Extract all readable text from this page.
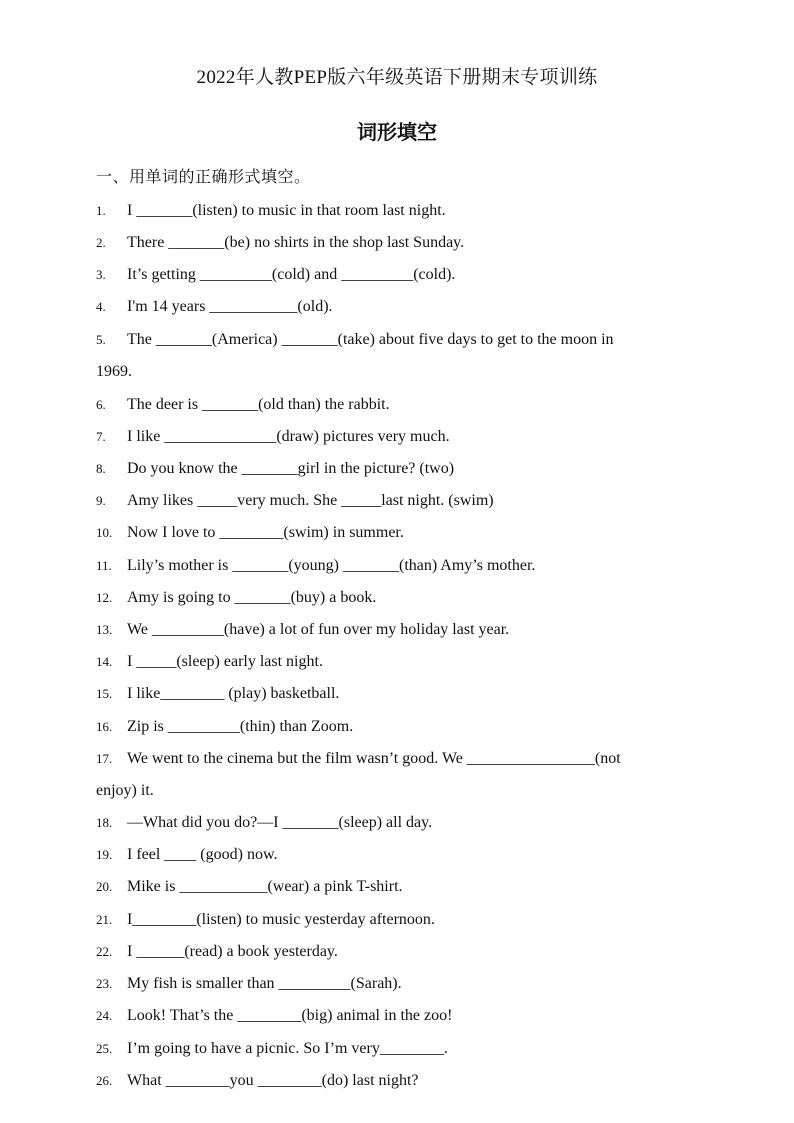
2022年人教PEP版六年级英语下册期末专项训练
词形填空
一、用单词的正确形式填空。
1. I _______(listen) to music in that room last night.
2. There _______(be) no shirts in the shop last Sunday.
3. It’s getting _________(cold) and _________(cold).
4. I'm 14 years ___________(old).
5. The _______(America) _______(take) about five days to get to the moon in
1969.
6. The deer is _______(old than) the rabbit.
7. I like ______________(draw) pictures very much.
8. Do you know the _______girl in the picture? (two)
9. Amy likes _____very much. She _____last night. (swim)
10. Now I love to ________(swim) in summer.
11. Lily’s mother is _______(young) _______(than) Amy’s mother.
12. Amy is going to _______(buy) a book.
13. We _________(have) a lot of fun over my holiday last year.
14. I _____(sleep) early last night.
15. I like________ (play) basketball.
16. Zip is _________(thin) than Zoom.
17. We went to the cinema but the film wasn’t good. We ________________(not
enjoy) it.
18. —What did you do?—I _______(sleep) all day.
19. I feel ____ (good) now.
20. Mike is ___________(wear) a pink T-shirt.
21. I________(listen) to music yesterday afternoon.
22. I ______(read) a book yesterday.
23. My fish is smaller than _________(Sarah).
24. Look! That’s the ________(big) animal in the zoo!
25. I’m going to have a picnic. So I’m very________.
26. What ________you ________(do) last night?
